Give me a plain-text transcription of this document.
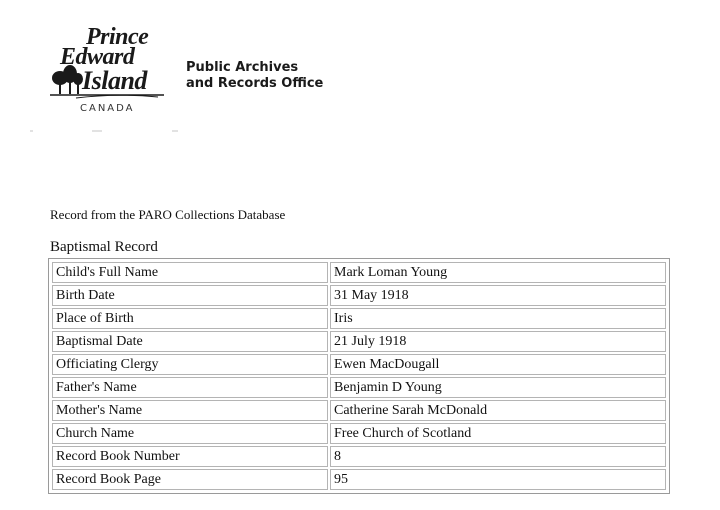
Prince
Edward
Island
CANADA
Public Archives
and Records Office
Record from the PARO Collections Database
Baptismal Record
Child's Full Name	Mark Loman Young
Birth Date	31 May 1918
Place of Birth	Iris
Baptismal Date	21 July 1918
Officiating Clergy	Ewen MacDougall
Father's Name	Benjamin D Young
Mother's Name	Catherine Sarah McDonald
Church Name	Free Church of Scotland
Record Book Number	8
Record Book Page	95
